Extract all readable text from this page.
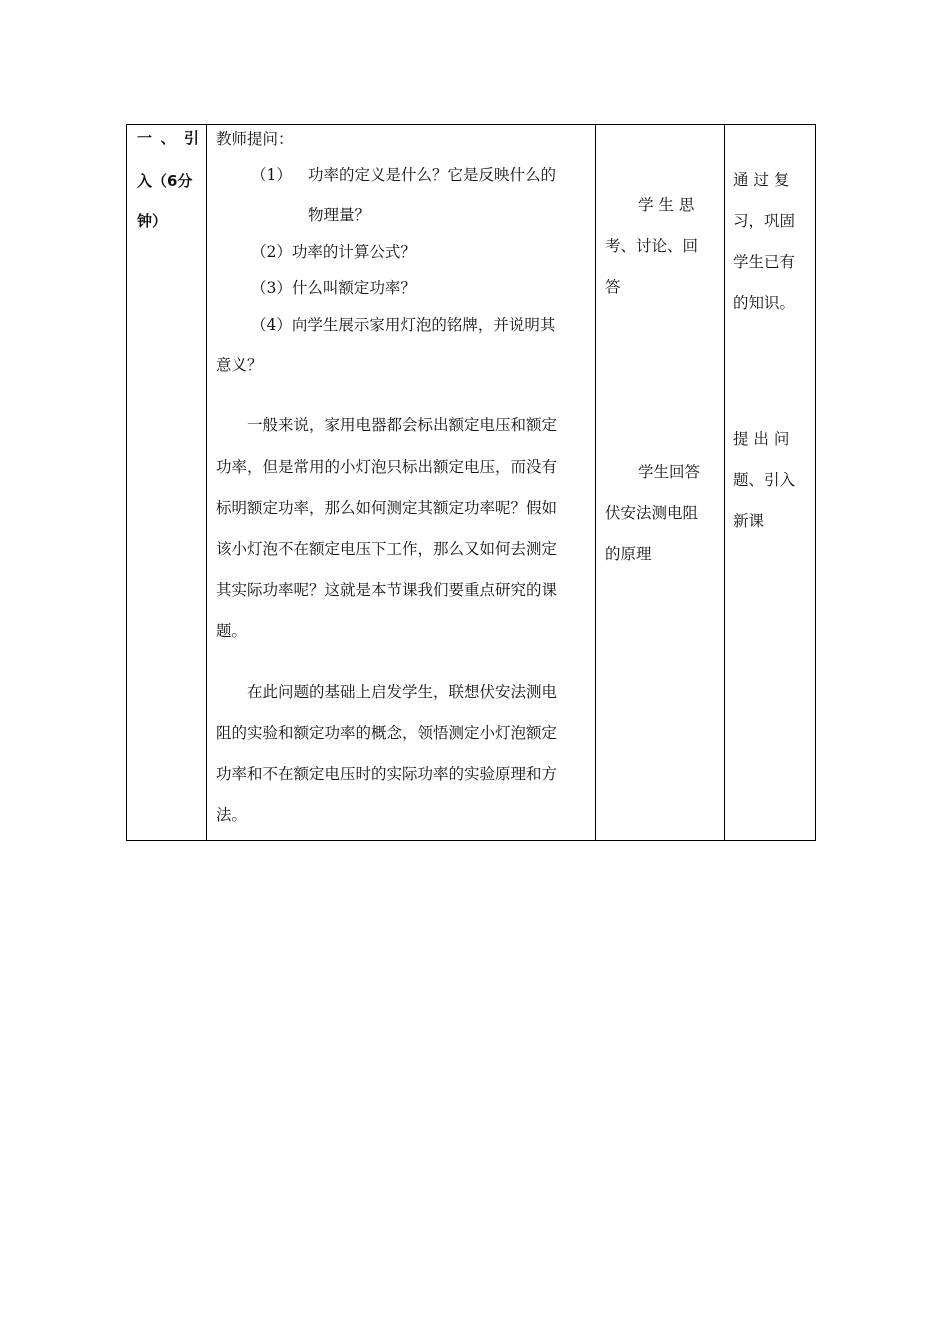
一 、 引
入（6分
钟）
教师提问：
（1） 功率的定义是什么？它是反映什么的
物理量？
（2）功率的计算公式？
（3）什么叫额定功率？
（4）向学生展示家用灯泡的铭牌，并说明其
意义？
一般来说，家用电器都会标出额定电压和额定
功率，但是常用的小灯泡只标出额定电压，而没有
标明额定功率，那么如何测定其额定功率呢？假如
该小灯泡不在额定电压下工作，那么又如何去测定
其实际功率呢？这就是本节课我们要重点研究的课
题。
在此问题的基础上启发学生，联想伏安法测电
阻的实验和额定功率的概念，领悟测定小灯泡额定
功率和不在额定电压时的实际功率的实验原理和方
法。
学 生 思
考、讨论、回
答
学生回答
伏安法测电阻
的原理
通 过 复
习，巩固
学生已有
的知识。
提 出 问
题、引入
新课
